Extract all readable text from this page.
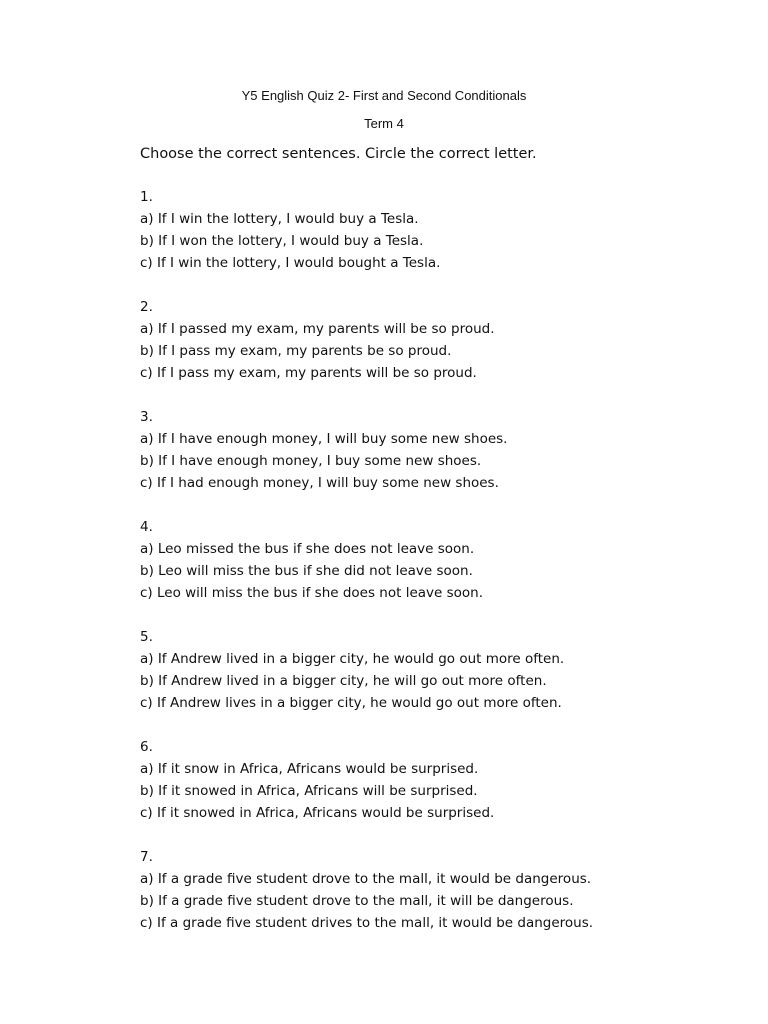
Y5 English Quiz 2- First and Second Conditionals
Term 4
Choose the correct sentences. Circle the correct letter.
1.
a) If I win the lottery, I would buy a Tesla.
b) If I won the lottery, I would buy a Tesla.
c) If I win the lottery, I would bought a Tesla.
2.
a) If I passed my exam, my parents will be so proud.
b) If I pass my exam, my parents be so proud.
c) If I pass my exam, my parents will be so proud.
3.
a) If I have enough money, I will buy some new shoes.
b) If I have enough money, I buy some new shoes.
c) If I had enough money, I will buy some new shoes.
4.
a) Leo missed the bus if she does not leave soon.
b) Leo will miss the bus if she did not leave soon.
c) Leo will miss the bus if she does not leave soon.
5.
a) If Andrew lived in a bigger city, he would go out more often.
b) If Andrew lived in a bigger city, he will go out more often.
c) If Andrew lives in a bigger city, he would go out more often.
6.
a) If it snow in Africa, Africans would be surprised.
b) If it snowed in Africa, Africans will be surprised.
c) If it snowed in Africa, Africans would be surprised.
7.
a) If a grade five student drove to the mall, it would be dangerous.
b) If a grade five student drove to the mall, it will be dangerous.
c) If a grade five student drives to the mall, it would be dangerous.
